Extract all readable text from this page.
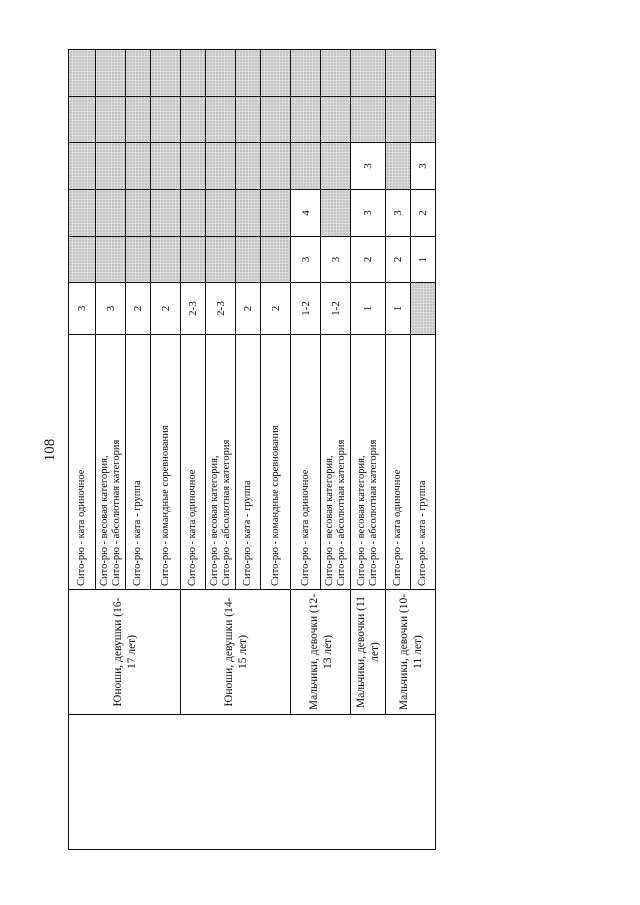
108
	Юноши, девушки (16-17 лет)	Сито-рю - ката одиночное	3					

		Сито-рю - весовая категория, Сито-рю - абсолютная категория	3					

		Сито-рю - ката - группа	2					

		Сито-рю - командные соревнования	2					
	Юноши, девушки (14-15 лет)	Сито-рю - ката одиночное	2-3					

		Сито-рю - весовая категория, Сито-рю - абсолютная категория	2-3					

		Сито-рю - ката - группа	2					

		Сито-рю - командные соревнования	2					
	Мальчики, девочки (12-13 лет)	Сито-рю - ката одиночное	1-2	3	4			

		Сито-рю - весовая категория, Сито-рю - абсолютная категория	1-2	3				
	Мальчики, девочки (11 лет)	Сито-рю - весовая категория, Сито-рю - абсолютная категория	1	2	3	3		
	Мальчики, девочки (10-11 лет)	Сито-рю - ката одиночное	1	2	3			

		Сито-рю - ката - группа		1	2	3		
